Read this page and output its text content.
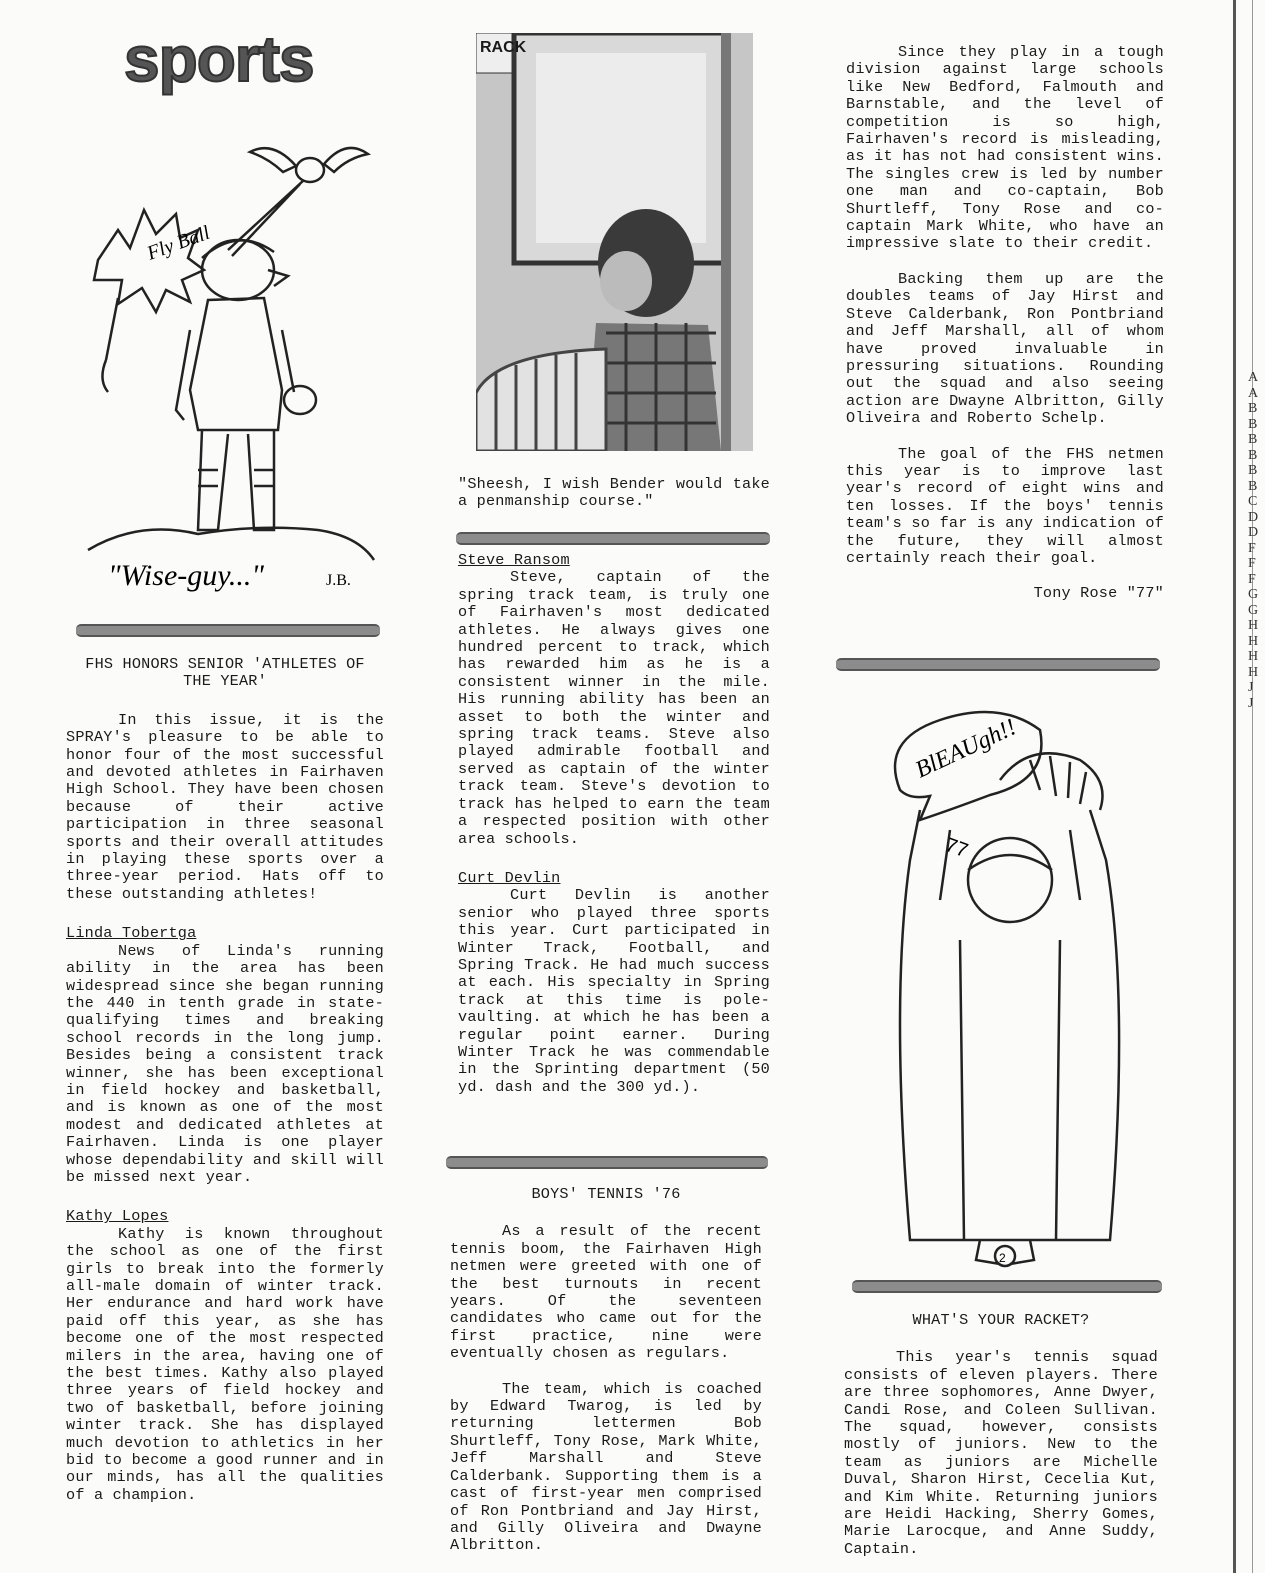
sports
Fly Ball
"Wise-guy..."	J.B.

FHS HONORS SENIOR 'ATHLETES OF THE YEAR'

In this issue, it is the SPRAY's pleasure to be able to honor four of the most successful and devoted athletes in Fairhaven High School. They have been chosen because of their active participation in three seasonal sports and their overall attitudes in playing these sports over a three-year period. Hats off to these outstanding athletes!

Linda Tobertga

News of Linda's running ability in the area has been widespread since she began running the 440 in tenth grade in state-qualifying times and breaking school records in the long jump. Besides being a consistent track winner, she has been exceptional in field hockey and basketball, and is known as one of the most modest and dedicated athletes at Fairhaven. Linda is one player whose dependability and skill will be missed next year.

Kathy Lopes

Kathy is known throughout the school as one of the first girls to break into the formerly all-male domain of winter track. Her endurance and hard work have paid off this year, as she has become one of the most respected milers in the area, having one of the best times. Kathy also played three years of field hockey and two of basketball, before joining winter track. She has displayed much devotion to athletics in her bid to become a good runner and in our minds, has all the qualities of a champion.

RACK

"Sheesh, I wish Bender would take a penmanship course."

Steve Ransom

Steve, captain of the spring track team, is truly one of Fairhaven's most dedicated athletes. He always gives one hundred percent to track, which has rewarded him as he is a consistent winner in the mile. His running ability has been an asset to both the winter and spring track teams. Steve also played admirable football and served as captain of the winter track team. Steve's devotion to track has helped to earn the team a respected position with other area schools.

Curt Devlin

Curt Devlin is another senior who played three sports this year. Curt participated in Winter Track, Football, and Spring Track. He had much success at each. His specialty in Spring track at this time is pole-vaulting. at which he has been a regular point earner. During Winter Track he was commendable in the Sprinting department (50 yd. dash and the 300 yd.).

BOYS' TENNIS '76

As a result of the recent tennis boom, the Fairhaven High netmen were greeted with one of the best turnouts in recent years. Of the seventeen candidates who came out for the first practice, nine were eventually chosen as regulars.

The team, which is coached by Edward Twarog, is led by returning lettermen Bob Shurtleff, Tony Rose, Mark White, Jeff Marshall and Steve Calderbank. Supporting them is a cast of first-year men comprised of Ron Pontbriand and Jay Hirst, and Gilly Oliveira and Dwayne Albritton.

Since they play in a tough division against large schools like New Bedford, Falmouth and Barnstable, and the level of competition is so high, Fairhaven's record is misleading, as it has not had consistent wins. The singles crew is led by number one man and co-captain, Bob Shurtleff, Tony Rose and co-captain Mark White, who have an impressive slate to their credit.

Backing them up are the doubles teams of Jay Hirst and Steve Calderbank, Ron Pontbriand and Jeff Marshall, all of whom have proved invaluable in pressuring situations. Rounding out the squad and also seeing action are Dwayne Albritton, Gilly Oliveira and Roberto Schelp.

The goal of the FHS netmen this year is to improve last year's record of eight wins and ten losses. If the boys' tennis team's so far is any indication of the future, they will almost certainly reach their goal.

Tony Rose "77"

BlEAUgh!!
77
2

WHAT'S YOUR RACKET?

This year's tennis squad consists of eleven players. There are three sophomores, Anne Dwyer, Candi Rose, and Coleen Sullivan. The squad, however, consists mostly of juniors. New to the team as juniors are Michelle Duval, Sharon Hirst, Cecelia Kut, and Kim White. Returning juniors are Heidi Hacking, Sherry Gomes, Marie Larocque, and Anne Suddy, Captain.

A
A
B
B
B
B
B
B
C
D
D
F
F
F
G
G
H
H
H
H
J
J
